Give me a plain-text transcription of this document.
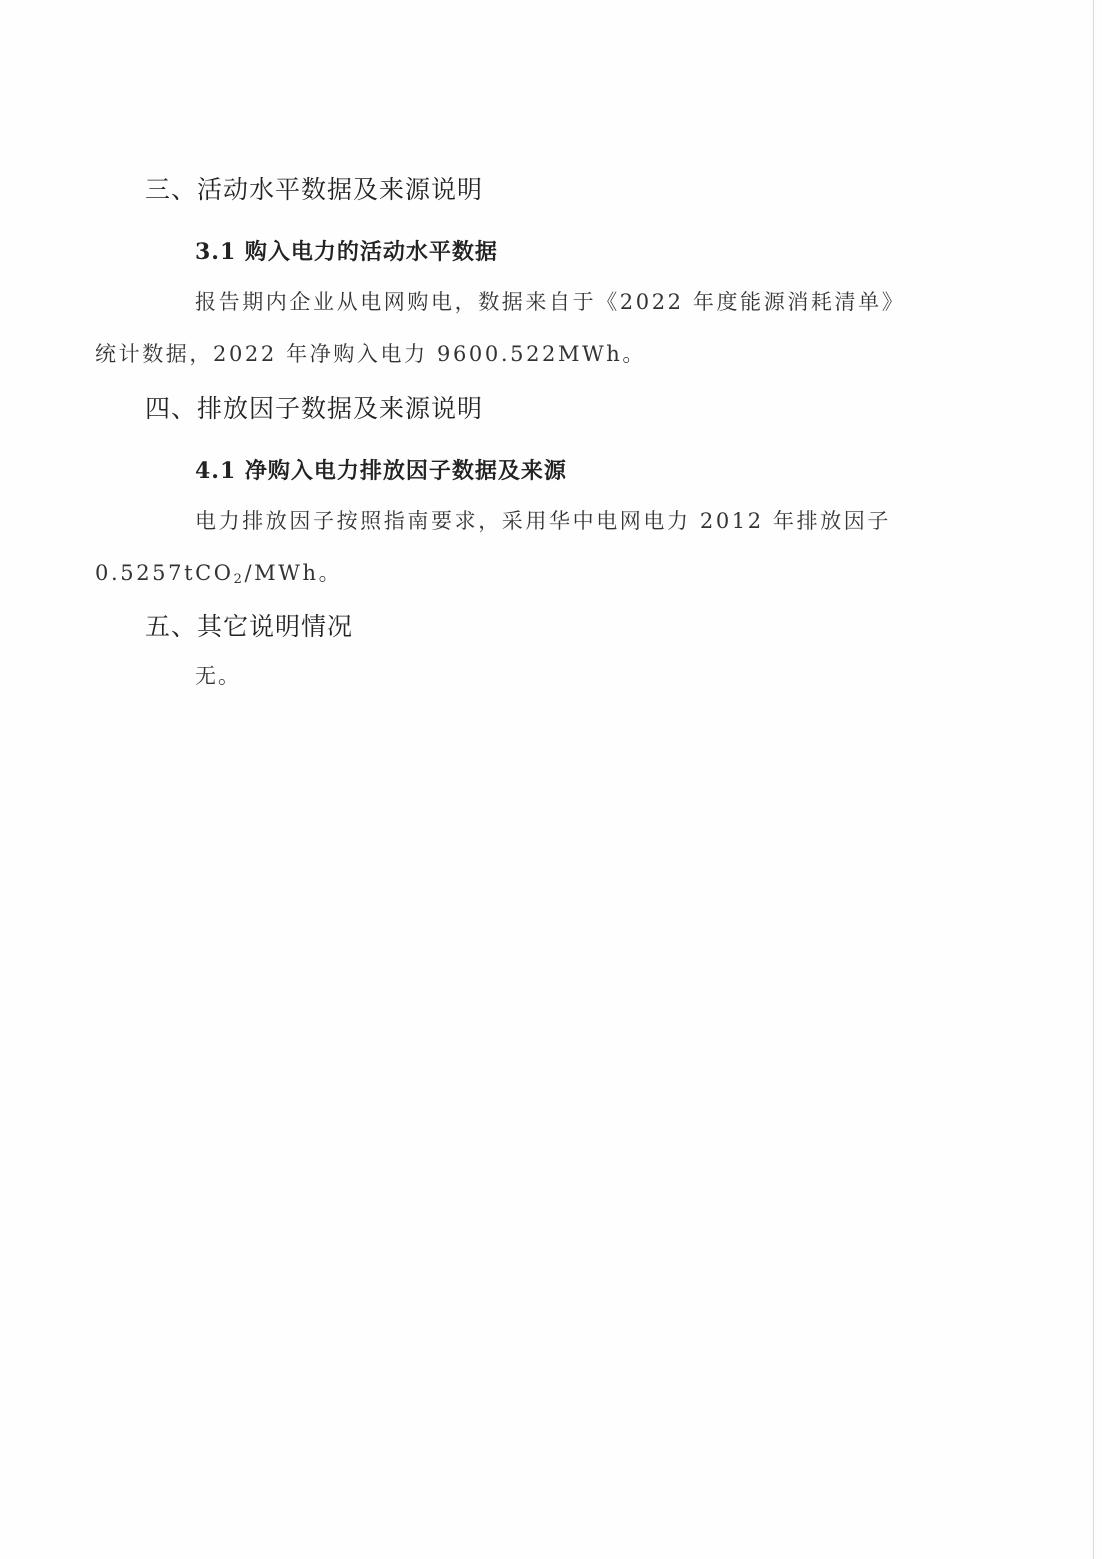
三、活动水平数据及来源说明
3.1 购入电力的活动水平数据
报告期内企业从电网购电，数据来自于《2022 年度能源消耗清单》
统计数据，2022 年净购入电力 9600.522MWh。
四、排放因子数据及来源说明
4.1 净购入电力排放因子数据及来源
电力排放因子按照指南要求，采用华中电网电力 2012 年排放因子
0.5257tCO$_2$/MWh。
五、其它说明情况
无。
